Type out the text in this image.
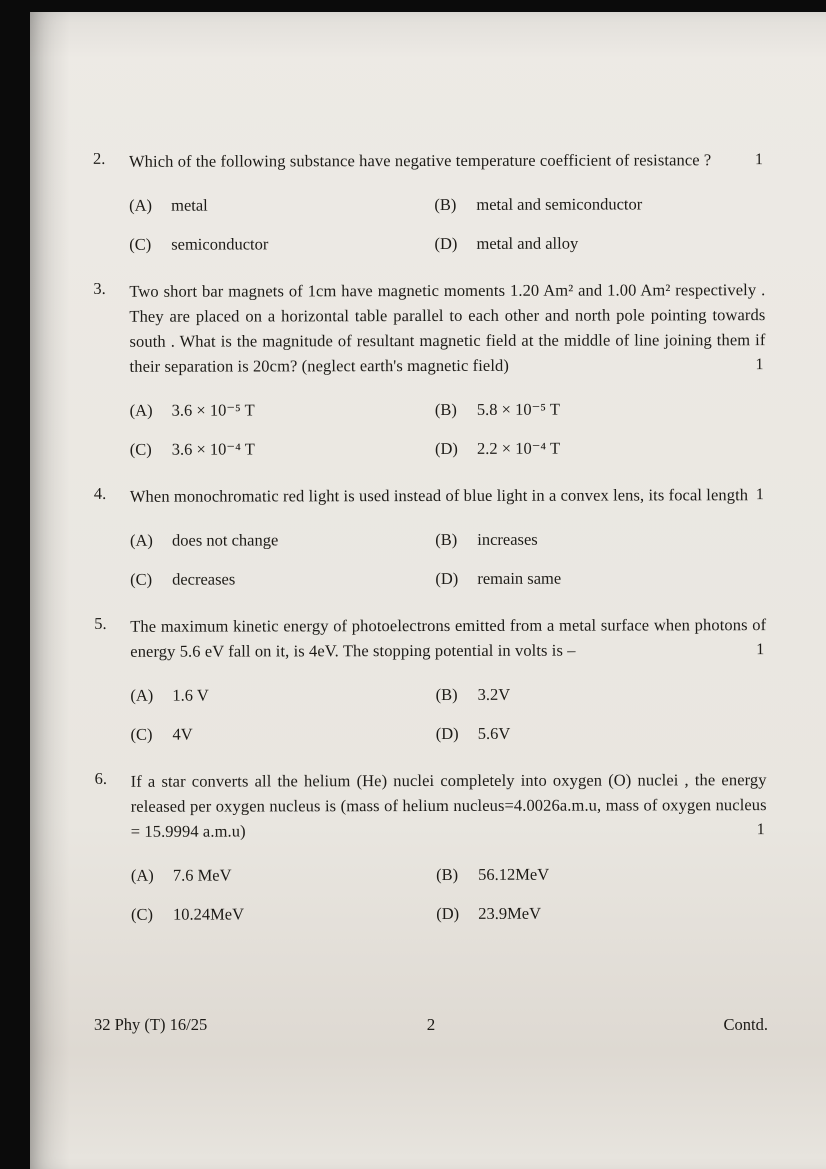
2. Which of the following substance have negative temperature coefficient of resistance ?	1
(A) metal	(B) metal and semiconductor
(C) semiconductor	(D) metal and alloy
3. Two short bar magnets of 1cm have magnetic moments 1.20 Am² and 1.00 Am² respectively . They are placed on a horizontal table parallel to each other and north pole pointing towards south . What is the magnitude of resultant magnetic field at the middle of line joining them if their separation is 20cm? (neglect earth's magnetic field)	1
(A) 3.6 × 10⁻⁵ T	(B) 5.8 × 10⁻⁵ T
(C) 3.6 × 10⁻⁴ T	(D) 2.2 × 10⁻⁴ T
4. When monochromatic red light is used instead of blue light in a convex lens, its focal length 1
(A) does not change	(B) increases
(C) decreases	(D) remain same
5. The maximum kinetic energy of photoelectrons emitted from a metal surface when photons of energy 5.6 eV fall on it, is 4eV. The stopping potential in volts is –	1
(A) 1.6 V	(B) 3.2V
(C) 4V	(D) 5.6V
6. If a star converts all the helium (He) nuclei completely into oxygen (O) nuclei , the energy released per oxygen nucleus is (mass of helium nucleus=4.0026a.m.u, mass of oxygen nucleus = 15.9994 a.m.u)	1
(A) 7.6 MeV	(B) 56.12MeV
(C) 10.24MeV	(D) 23.9MeV
32 Phy (T) 16/25	2	Contd.
